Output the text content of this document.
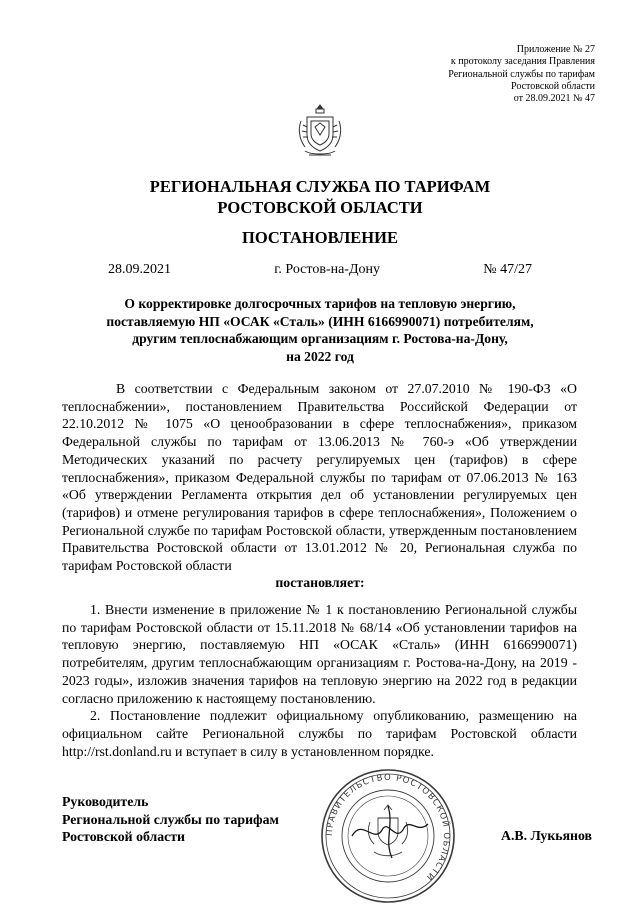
Приложение № 27
к протоколу заседания Правления
Региональной службы по тарифам
Ростовской области
от 28.09.2021 № 47
РЕГИОНАЛЬНАЯ СЛУЖБА ПО ТАРИФАМ
РОСТОВСКОЙ ОБЛАСТИ
ПОСТАНОВЛЕНИЕ
28.09.2021	г. Ростов-на-Дону	№ 47/27
О корректировке долгосрочных тарифов на тепловую энергию,
поставляемую НП «ОСАК «Сталь» (ИНН 6166990071) потребителям,
другим теплоснабжающим организациям г. Ростова-на-Дону,
на 2022 год

В соответствии с Федеральным законом от 27.07.2010 № 190-ФЗ «О теплоснабжении», постановлением Правительства Российской Федерации от 22.10.2012 № 1075 «О ценообразовании в сфере теплоснабжения», приказом Федеральной службы по тарифам от 13.06.2013 № 760-э «Об утверждении Методических указаний по расчету регулируемых цен (тарифов) в сфере теплоснабжения», приказом Федеральной службы по тарифам от 07.06.2013 № 163 «Об утверждении Регламента открытия дел об установлении регулируемых цен (тарифов) и отмене регулирования тарифов в сфере теплоснабжения», Положением о Региональной службе по тарифам Ростовской области, утвержденным постановлением Правительства Ростовской области от 13.01.2012 № 20, Региональная служба по тарифам Ростовской области

постановляет:

1. Внести изменение в приложение № 1 к постановлению Региональной службы по тарифам Ростовской области от 15.11.2018 № 68/14 «Об установлении тарифов на тепловую энергию, поставляемую НП «ОСАК «Сталь» (ИНН 6166990071) потребителям, другим теплоснабжающим организациям г. Ростова-на-Дону, на 2019 - 2023 годы», изложив значения тарифов на тепловую энергию на 2022 год в редакции согласно приложению к настоящему постановлению.

2. Постановление подлежит официальному опубликованию, размещению на официальном сайте Региональной службы по тарифам Ростовской области http://rst.donland.ru и вступает в силу в установленном порядке.

ПРАВИТЕЛЬСТВО РОСТОВСКОЙ ОБЛАСТИ
Руководитель
Региональной службы по тарифам
Ростовской области	А.В. Лукьянов
